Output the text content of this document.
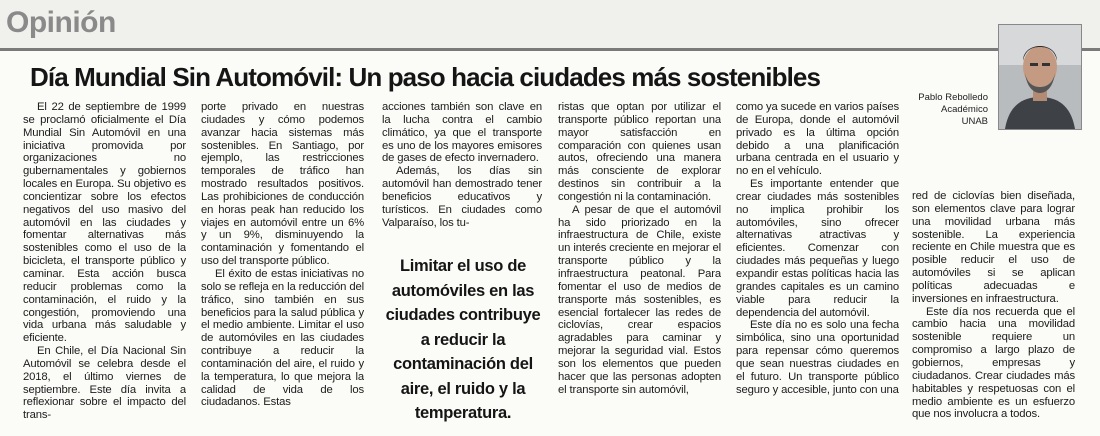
Opinión
Pablo Rebolledo
Académico
UNAB
Día Mundial Sin Automóvil: Un paso hacia ciudades más sostenibles

El 22 de septiembre de 1999 se proclamó oficialmente el Día Mundial Sin Automóvil en una iniciativa promovida por organizaciones no gubernamentales y gobiernos locales en Europa. Su objetivo es concientizar sobre los efectos negativos del uso masivo del automóvil en las ciudades y fomentar alternativas más sostenibles como el uso de la bicicleta, el transporte público y caminar. Esta acción busca reducir problemas como la contaminación, el ruido y la congestión, promoviendo una vida urbana más saludable y eficiente.

En Chile, el Día Nacional Sin Automóvil se celebra desde el 2018, el último viernes de septiembre. Este día invita a reflexionar sobre el impacto del trans-

porte privado en nuestras ciudades y cómo podemos avanzar hacia sistemas más sostenibles. En Santiago, por ejemplo, las restricciones temporales de tráfico han mostrado resultados positivos. Las prohibiciones de conducción en horas peak han reducido los viajes en automóvil entre un 6% y un 9%, disminuyendo la contaminación y fomentando el uso del transporte público.

El éxito de estas iniciativas no solo se refleja en la reducción del tráfico, sino también en sus beneficios para la salud pública y el medio ambiente. Limitar el uso de automóviles en las ciudades contribuye a reducir la contaminación del aire, el ruido y la temperatura, lo que mejora la calidad de vida de los ciudadanos. Estas

acciones también son clave en la lucha contra el cambio climático, ya que el transporte es uno de los mayores emisores de gases de efecto invernadero.

Además, los días sin automóvil han demostrado tener beneficios educativos y turísticos. En ciudades como Valparaíso, los tu-

Limitar el uso de automóviles en las ciudades contribuye a reducir la contaminación del aire, el ruido y la temperatura.

ristas que optan por utilizar el transporte público reportan una mayor satisfacción en comparación con quienes usan autos, ofreciendo una manera más consciente de explorar destinos sin contribuir a la congestión ni la contaminación.

A pesar de que el automóvil ha sido priorizado en la infraestructura de Chile, existe un interés creciente en mejorar el transporte público y la infraestructura peatonal. Para fomentar el uso de medios de transporte más sostenibles, es esencial fortalecer las redes de ciclovías, crear espacios agradables para caminar y mejorar la seguridad vial. Estos son los elementos que pueden hacer que las personas adopten el transporte sin automóvil,

como ya sucede en varios países de Europa, donde el automóvil privado es la última opción debido a una planificación urbana centrada en el usuario y no en el vehículo.

Es importante entender que crear ciudades más sostenibles no implica prohibir los automóviles, sino ofrecer alternativas atractivas y eficientes. Comenzar con ciudades más pequeñas y luego expandir estas políticas hacia las grandes capitales es un camino viable para reducir la dependencia del automóvil.

Este día no es solo una fecha simbólica, sino una oportunidad para repensar cómo queremos que sean nuestras ciudades en el futuro. Un transporte público seguro y accesible, junto con una

red de ciclovías bien diseñada, son elementos clave para lograr una movilidad urbana más sostenible. La experiencia reciente en Chile muestra que es posible reducir el uso de automóviles si se aplican políticas adecuadas e inversiones en infraestructura.

Este día nos recuerda que el cambio hacia una movilidad sostenible requiere un compromiso a largo plazo de gobiernos, empresas y ciudadanos. Crear ciudades más habitables y respetuosas con el medio ambiente es un esfuerzo que nos involucra a todos.
